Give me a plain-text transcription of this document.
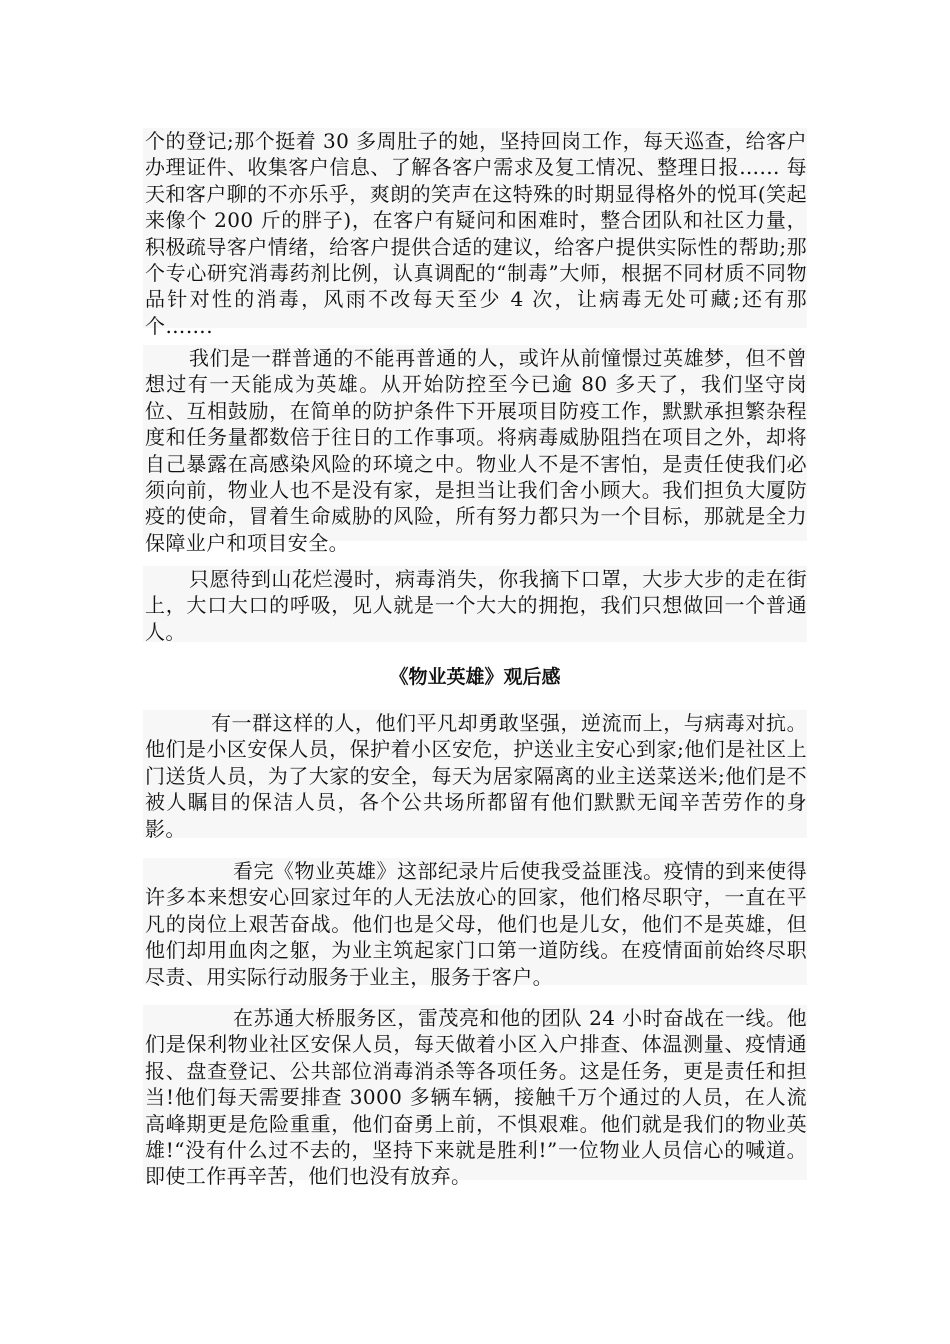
个的登记;那个挺着 30 多周肚子的她，坚持回岗工作，每天巡查，给客户办理证件、收集客户信息、了解各客户需求及复工情况、整理日报…... 每天和客户聊的不亦乐乎，爽朗的笑声在这特殊的时期显得格外的悦耳(笑起来像个 200 斤的胖子)，在客户有疑问和困难时，整合团队和社区力量，积极疏导客户情绪，给客户提供合适的建议，给客户提供实际性的帮助;那个专心研究消毒药剂比例，认真调配的“制毒”大师，根据不同材质不同物品针对性的消毒，风雨不改每天至少 4 次，让病毒无处可藏;还有那个…….

我们是一群普通的不能再普通的人，或许从前憧憬过英雄梦，但不曾想过有一天能成为英雄。从开始防控至今已逾 80 多天了，我们坚守岗位、互相鼓励，在简单的防护条件下开展项目防疫工作，默默承担繁杂程度和任务量都数倍于往日的工作事项。将病毒威胁阻挡在项目之外，却将自己暴露在高感染风险的环境之中。物业人不是不害怕，是责任使我们必须向前，物业人也不是没有家，是担当让我们舍小顾大。我们担负大厦防疫的使命，冒着生命威胁的风险，所有努力都只为一个目标，那就是全力保障业户和项目安全。

只愿待到山花烂漫时，病毒消失，你我摘下口罩，大步大步的走在街上，大口大口的呼吸，见人就是一个大大的拥抱，我们只想做回一个普通人。

《物业英雄》观后感

有一群这样的人，他们平凡却勇敢坚强，逆流而上，与病毒对抗。他们是小区安保人员，保护着小区安危，护送业主安心到家;他们是社区上门送货人员，为了大家的安全，每天为居家隔离的业主送菜送米;他们是不被人瞩目的保洁人员，各个公共场所都留有他们默默无闻辛苦劳作的身影。

看完《物业英雄》这部纪录片后使我受益匪浅。疫情的到来使得许多本来想安心回家过年的人无法放心的回家，他们格尽职守，一直在平凡的岗位上艰苦奋战。他们也是父母，他们也是儿女，他们不是英雄，但他们却用血肉之躯，为业主筑起家门口第一道防线。在疫情面前始终尽职尽责、用实际行动服务于业主，服务于客户。

在苏通大桥服务区，雷茂亮和他的团队 24 小时奋战在一线。他们是保利物业社区安保人员，每天做着小区入户排查、体温测量、疫情通报、盘查登记、公共部位消毒消杀等各项任务。这是任务，更是责任和担当!他们每天需要排查 3000 多辆车辆，接触千万个通过的人员，在人流高峰期更是危险重重，他们奋勇上前，不惧艰难。他们就是我们的物业英雄!“没有什么过不去的，坚持下来就是胜利!”一位物业人员信心的喊道。即使工作再辛苦，他们也没有放弃。
